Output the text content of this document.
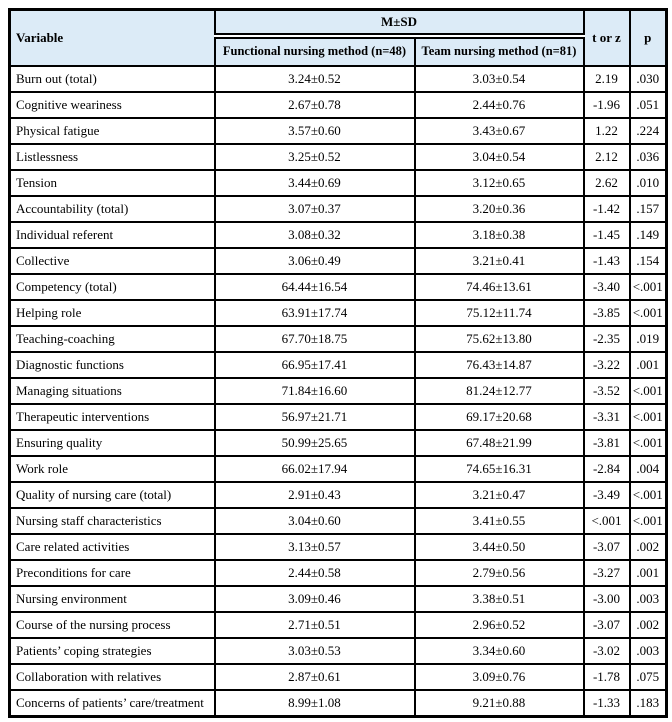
Variable	M±SD		t or z	p
	Functional nursing method (n=48)	Team nursing method (n=81)		
Burn out (total)	3.24±0.52	3.03±0.54	2.19	.030
Cognitive weariness	2.67±0.78	2.44±0.76	-1.96	.051
Physical fatigue	3.57±0.60	3.43±0.67	1.22	.224
Listlessness	3.25±0.52	3.04±0.54	2.12	.036
Tension	3.44±0.69	3.12±0.65	2.62	.010
Accountability (total)	3.07±0.37	3.20±0.36	-1.42	.157
Individual referent	3.08±0.32	3.18±0.38	-1.45	.149
Collective	3.06±0.49	3.21±0.41	-1.43	.154
Competency (total)	64.44±16.54	74.46±13.61	-3.40	<.001
Helping role	63.91±17.74	75.12±11.74	-3.85	<.001
Teaching-coaching	67.70±18.75	75.62±13.80	-2.35	.019
Diagnostic functions	66.95±17.41	76.43±14.87	-3.22	.001
Managing situations	71.84±16.60	81.24±12.77	-3.52	<.001
Therapeutic interventions	56.97±21.71	69.17±20.68	-3.31	<.001
Ensuring quality	50.99±25.65	67.48±21.99	-3.81	<.001
Work role	66.02±17.94	74.65±16.31	-2.84	.004
Quality of nursing care (total)	2.91±0.43	3.21±0.47	-3.49	<.001
Nursing staff characteristics	3.04±0.60	3.41±0.55	<.001	<.001
Care related activities	3.13±0.57	3.44±0.50	-3.07	.002
Preconditions for care	2.44±0.58	2.79±0.56	-3.27	.001
Nursing environment	3.09±0.46	3.38±0.51	-3.00	.003
Course of the nursing process	2.71±0.51	2.96±0.52	-3.07	.002
Patients’ coping strategies	3.03±0.53	3.34±0.60	-3.02	.003
Collaboration with relatives	2.87±0.61	3.09±0.76	-1.78	.075
Concerns of patients’ care/treatment	8.99±1.08	9.21±0.88	-1.33	.183
